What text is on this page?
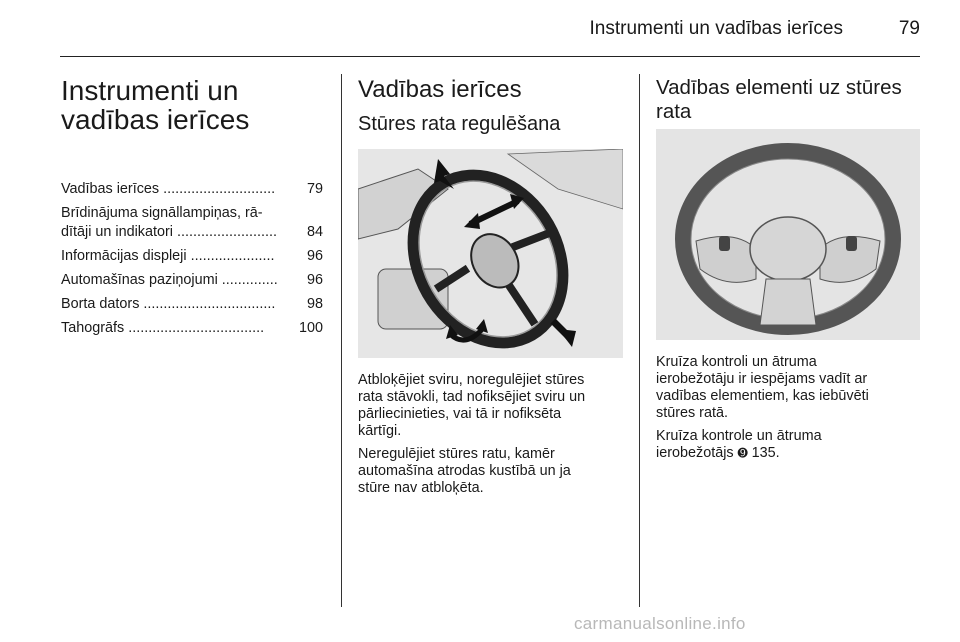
Instrumenti un vadības ierīces	79
Instrumenti un
vadības ierīces
Vadības ierīces ............................	79
Brīdinājuma signāllampiņas, rā-
dītāji un indikatori .........................	84
Informācijas displeji .....................	96
Automašīnas paziņojumi ..............	96
Borta dators .................................	98
Tahogrāfs ..................................	100
Vadības ierīces
Stūres rata regulēšana

Atbloķējiet sviru, noregulējiet stūres
rata stāvokli, tad nofiksējiet sviru un
pārliecinieties, vai tā ir nofiksēta
kārtīgi.

Neregulējiet stūres ratu, kamēr
automašīna atrodas kustībā un ja
stūre nav atbloķēta.

Vadības elementi uz stūres
rata

Kruīza kontroli un ātruma
ierobežotāju ir iespējams vadīt ar
vadības elementiem, kas iebūvēti
stūres ratā.

Kruīza kontrole un ātruma
ierobežotājs ➒ 135.

carmanualsonline.info
